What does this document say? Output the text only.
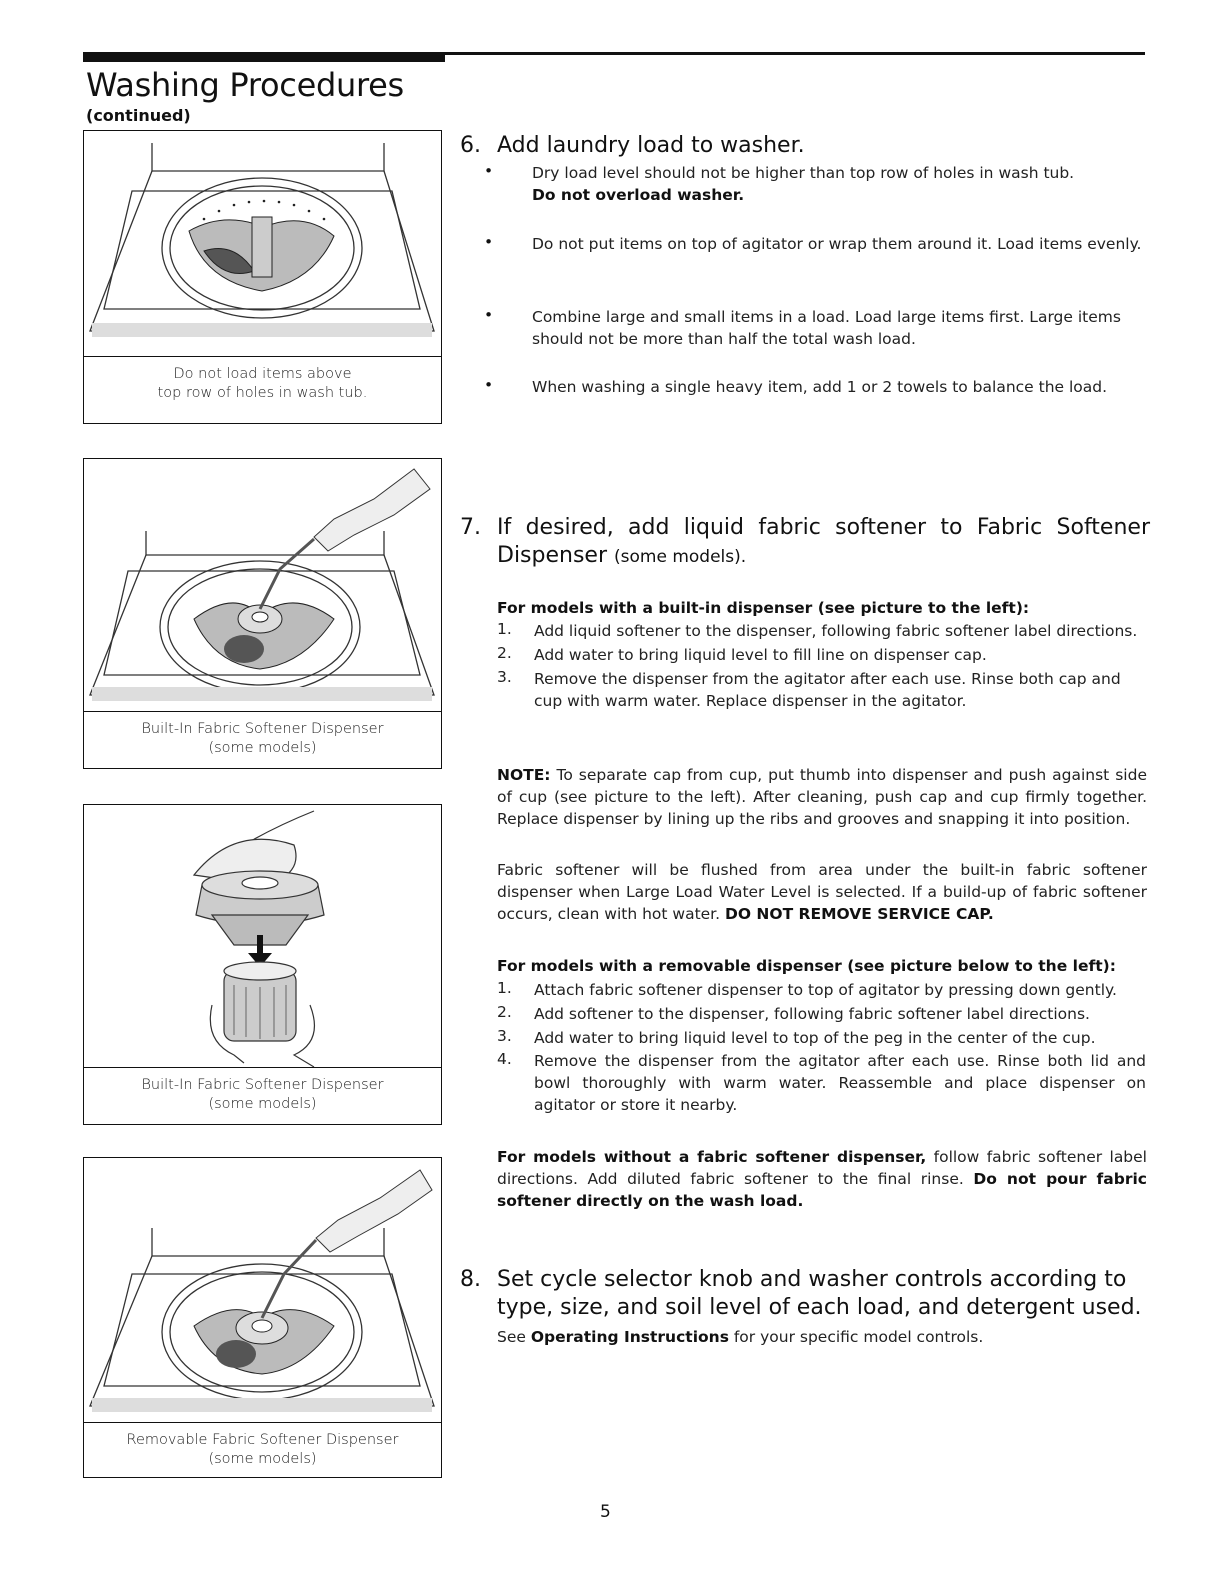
Washing Procedures
(continued)
Do not load items above
top row of holes in wash tub.
Built-In Fabric Softener Dispenser
(some models)
Built-In Fabric Softener Dispenser
(some models)
Removable Fabric Softener Dispenser
(some models)
6. Add laundry load to washer.
•	Dry load level should not be higher than top row of holes in wash tub.
Do not overload washer.
•	Do not put items on top of agitator or wrap them around it. Load items evenly.
•	Combine large and small items in a load. Load large items first. Large items should not be more than half the total wash load.
•	When washing a single heavy item, add 1 or 2 towels to balance the load.
7. If desired, add liquid fabric softener to Fabric Softener Dispenser (some models).
For models with a built-in dispenser (see picture to the left):
1.	Add liquid softener to the dispenser, following fabric softener label directions.
2.	Add water to bring liquid level to fill line on dispenser cap.
3.	Remove the dispenser from the agitator after each use. Rinse both cap and cup with warm water. Replace dispenser in the agitator.
NOTE: To separate cap from cup, put thumb into dispenser and push against side of cup (see picture to the left). After cleaning, push cap and cup firmly together. Replace dispenser by lining up the ribs and grooves and snapping it into position.
Fabric softener will be flushed from area under the built-in fabric softener dispenser when Large Load Water Level is selected. If a build-up of fabric softener occurs, clean with hot water. DO NOT REMOVE SERVICE CAP.
For models with a removable dispenser (see picture below to the left):
1.	Attach fabric softener dispenser to top of agitator by pressing down gently.
2.	Add softener to the dispenser, following fabric softener label directions.
3.	Add water to bring liquid level to top of the peg in the center of the cup.
4.	Remove the dispenser from the agitator after each use. Rinse both lid and bowl thoroughly with warm water. Reassemble and place dispenser on agitator or store it nearby.
For models without a fabric softener dispenser, follow fabric softener label directions. Add diluted fabric softener to the final rinse. Do not pour fabric softener directly on the wash load.
8. Set cycle selector knob and washer controls according to type, size, and soil level of each load, and detergent used.
See Operating Instructions for your specific model controls.
5
